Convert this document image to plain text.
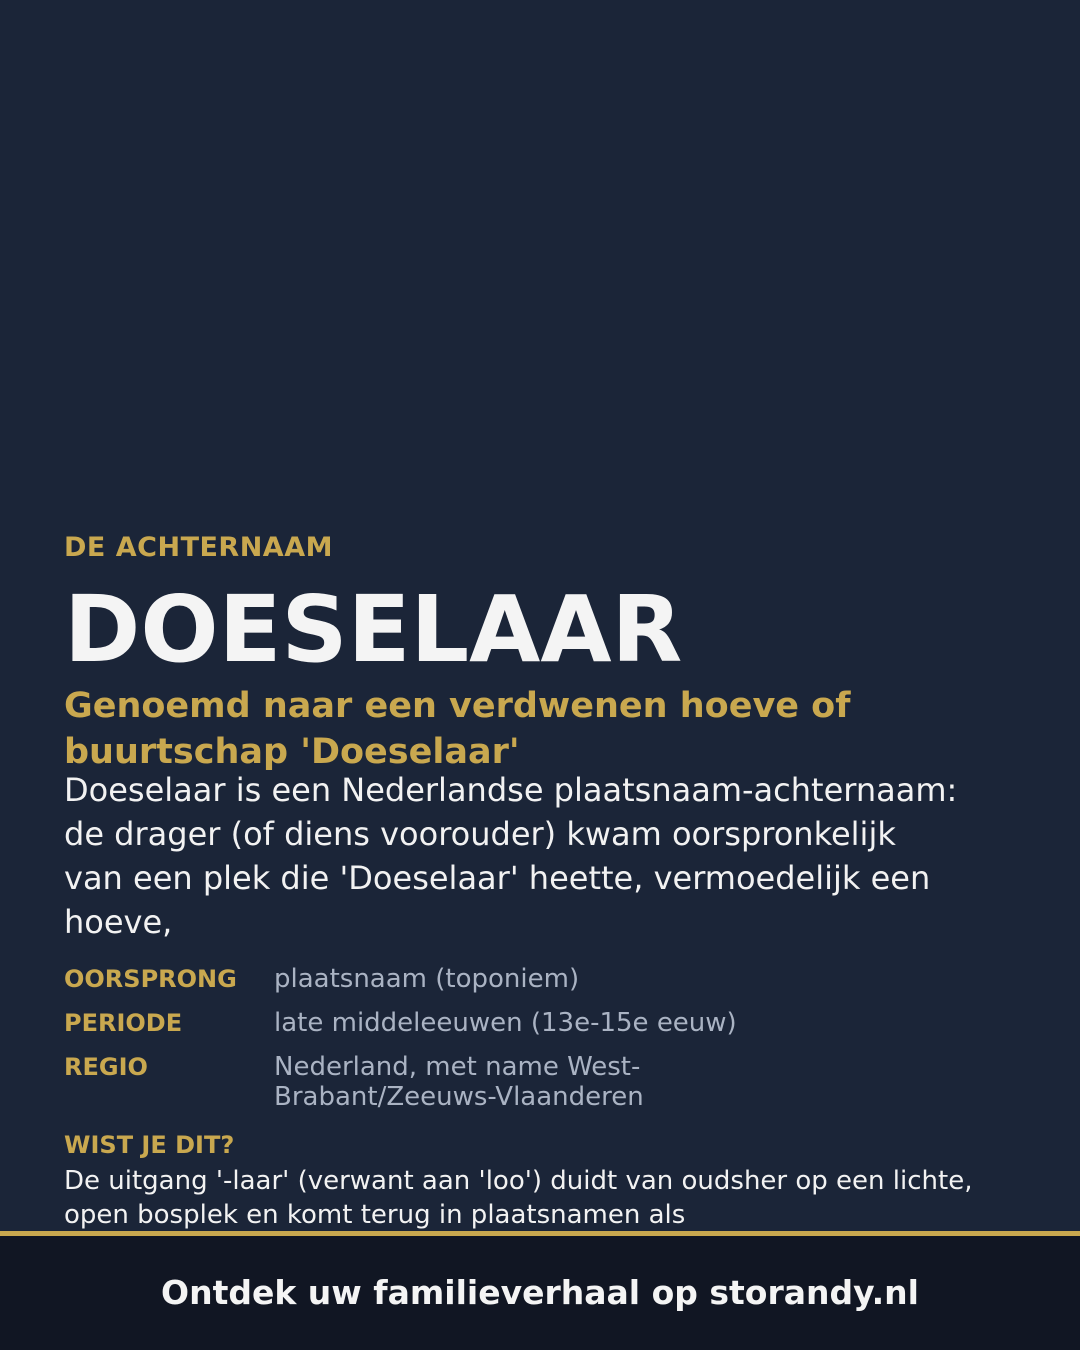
DE ACHTERNAAM
DOESELAAR
Genoemd naar een verdwenen hoeve of buurtschap 'Doeselaar'
Doeselaar is een Nederlandse plaatsnaam-achternaam: de drager (of diens voorouder) kwam oorspronkelijk van een plek die 'Doeselaar' heette, vermoedelijk een hoeve,
OORSPRONG	plaatsnaam (toponiem)
PERIODE	late middeleeuwen (13e-15e eeuw)
REGIO	Nederland, met name West-Brabant/Zeeuws-Vlaanderen
WIST JE DIT?
De uitgang '-laar' (verwant aan 'loo') duidt van oudsher op een lichte, open bosplek en komt terug in plaatsnamen als
Ontdek uw familieverhaal op storandy.nl
